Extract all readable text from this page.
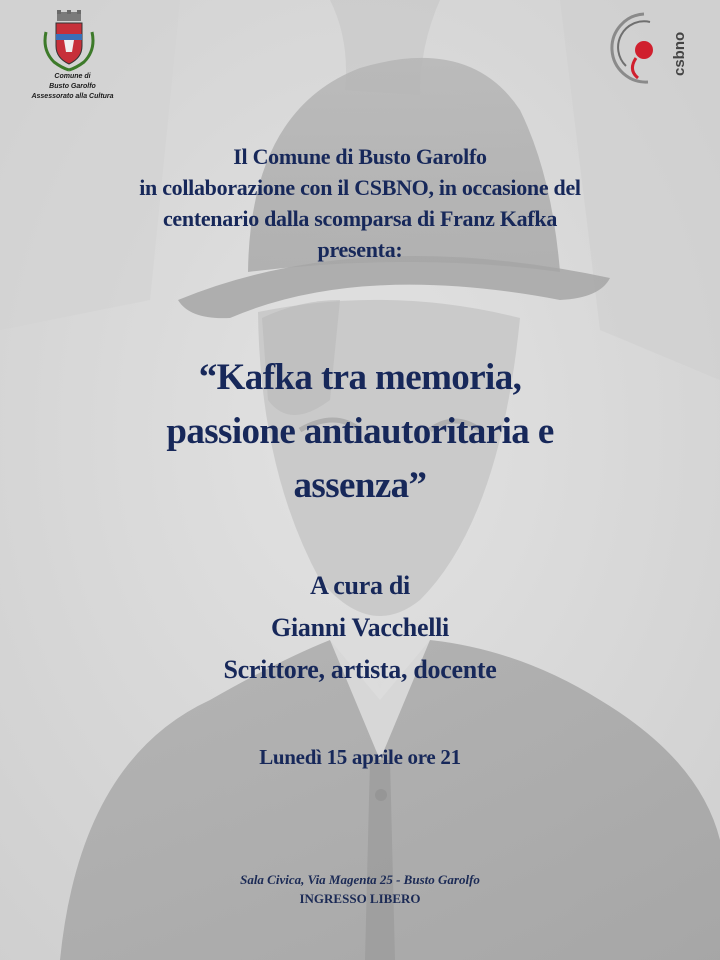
Comune di
Busto Garolfo
Assessorato alla Cultura
csbno
Il Comune di Busto Garolfo
in collaborazione con il CSBNO, in occasione del
centenario dalla scomparsa di Franz Kafka
presenta:
“Kafka tra memoria,
passione antiautoritaria e
assenza”
A cura di
Gianni Vacchelli
Scrittore, artista, docente
Lunedì 15 aprile ore 21
Sala Civica, Via Magenta 25 - Busto Garolfo
INGRESSO LIBERO
